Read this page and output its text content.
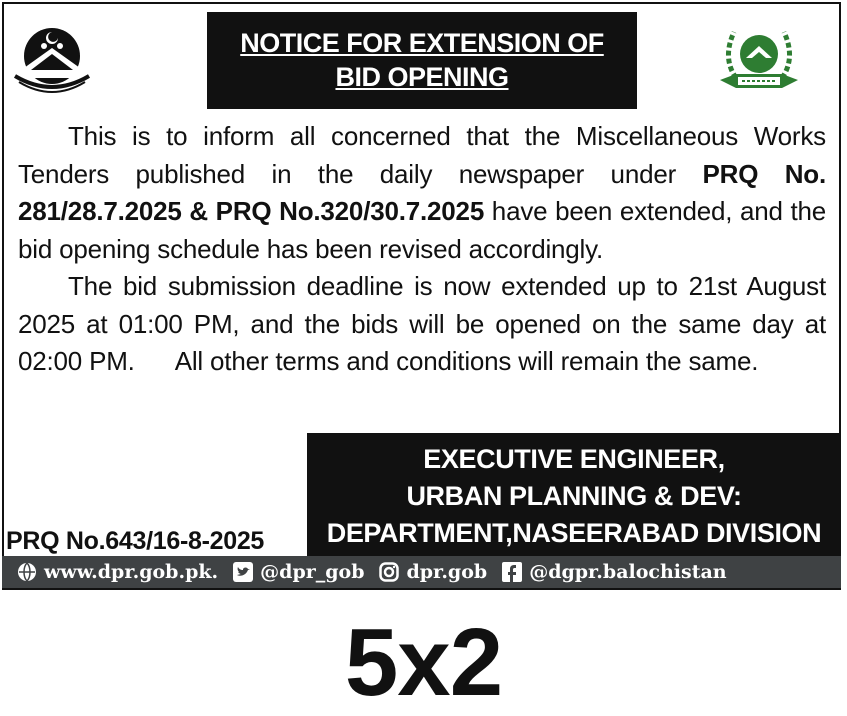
NOTICE FOR EXTENSION OF
BID OPENING

This is to inform all concerned that the Miscellaneous Works Tenders published in the daily newspaper under PRQ No. 281/28.7.2025 & PRQ No.320/30.7.2025 have been extended, and the bid opening schedule has been revised accordingly.

The bid submission deadline is now extended up to 21st August 2025 at 01:00 PM, and the bids will be opened on the same day at 02:00 PM. All other terms and conditions will remain the same.

EXECUTIVE ENGINEER,
URBAN PLANNING & DEV:
DEPARTMENT,NASEERABAD DIVISION
PRQ No.643/16-8-2025
www.dpr.gob.pk. @dpr_gob dpr.gob @dgpr.balochistan
5x2
